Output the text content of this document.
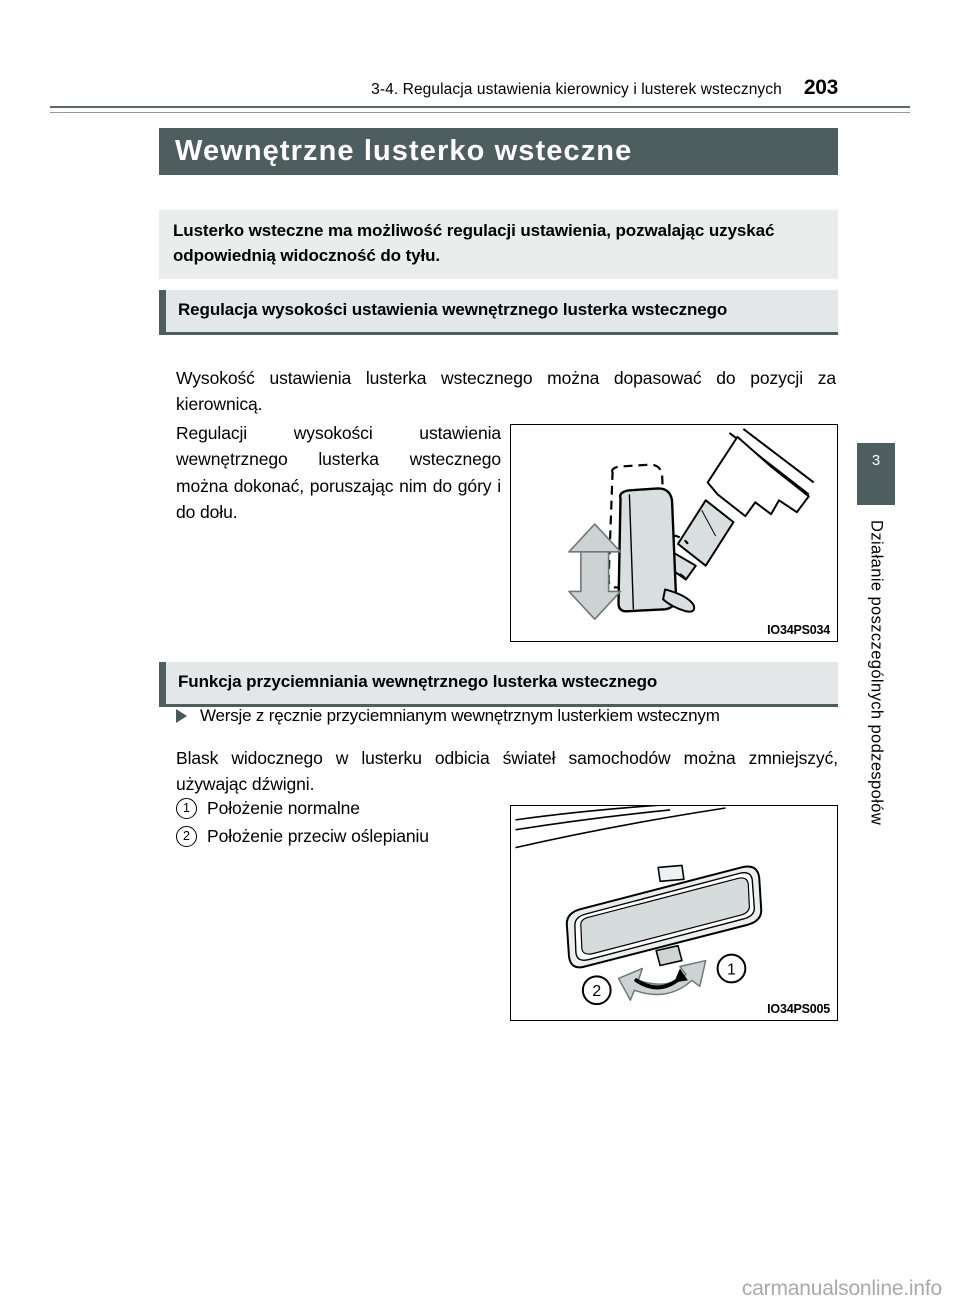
3-4. Regulacja ustawienia kierownicy i lusterek wstecznych 203
Wewnętrzne lusterko wsteczne

Lusterko wsteczne ma możliwość regulacji ustawienia, pozwalając uzyskać odpowiednią widoczność do tyłu.

Regulacja wysokości ustawienia wewnętrznego lusterka wstecznego

Wysokość ustawienia lusterka wstecznego można dopasować do pozycji za kierownicą.

Regulacji wysokości ustawienia wewnętrznego lusterka wstecznego można dokonać, poruszając nim do góry i do dołu.

IO34PS034
Funkcja przyciemniania wewnętrznego lusterka wstecznego
Wersje z ręcznie przyciemnianym wewnętrznym lusterkiem wstecznym

Blask widocznego w lusterku odbicia świateł samochodów można zmniejszyć, używając dźwigni.

1 Położenie normalne
2 Położenie przeciw oślepianiu
1
2
IO34PS005
3
Działanie poszczególnych podzespołów
carmanualsonline.info
